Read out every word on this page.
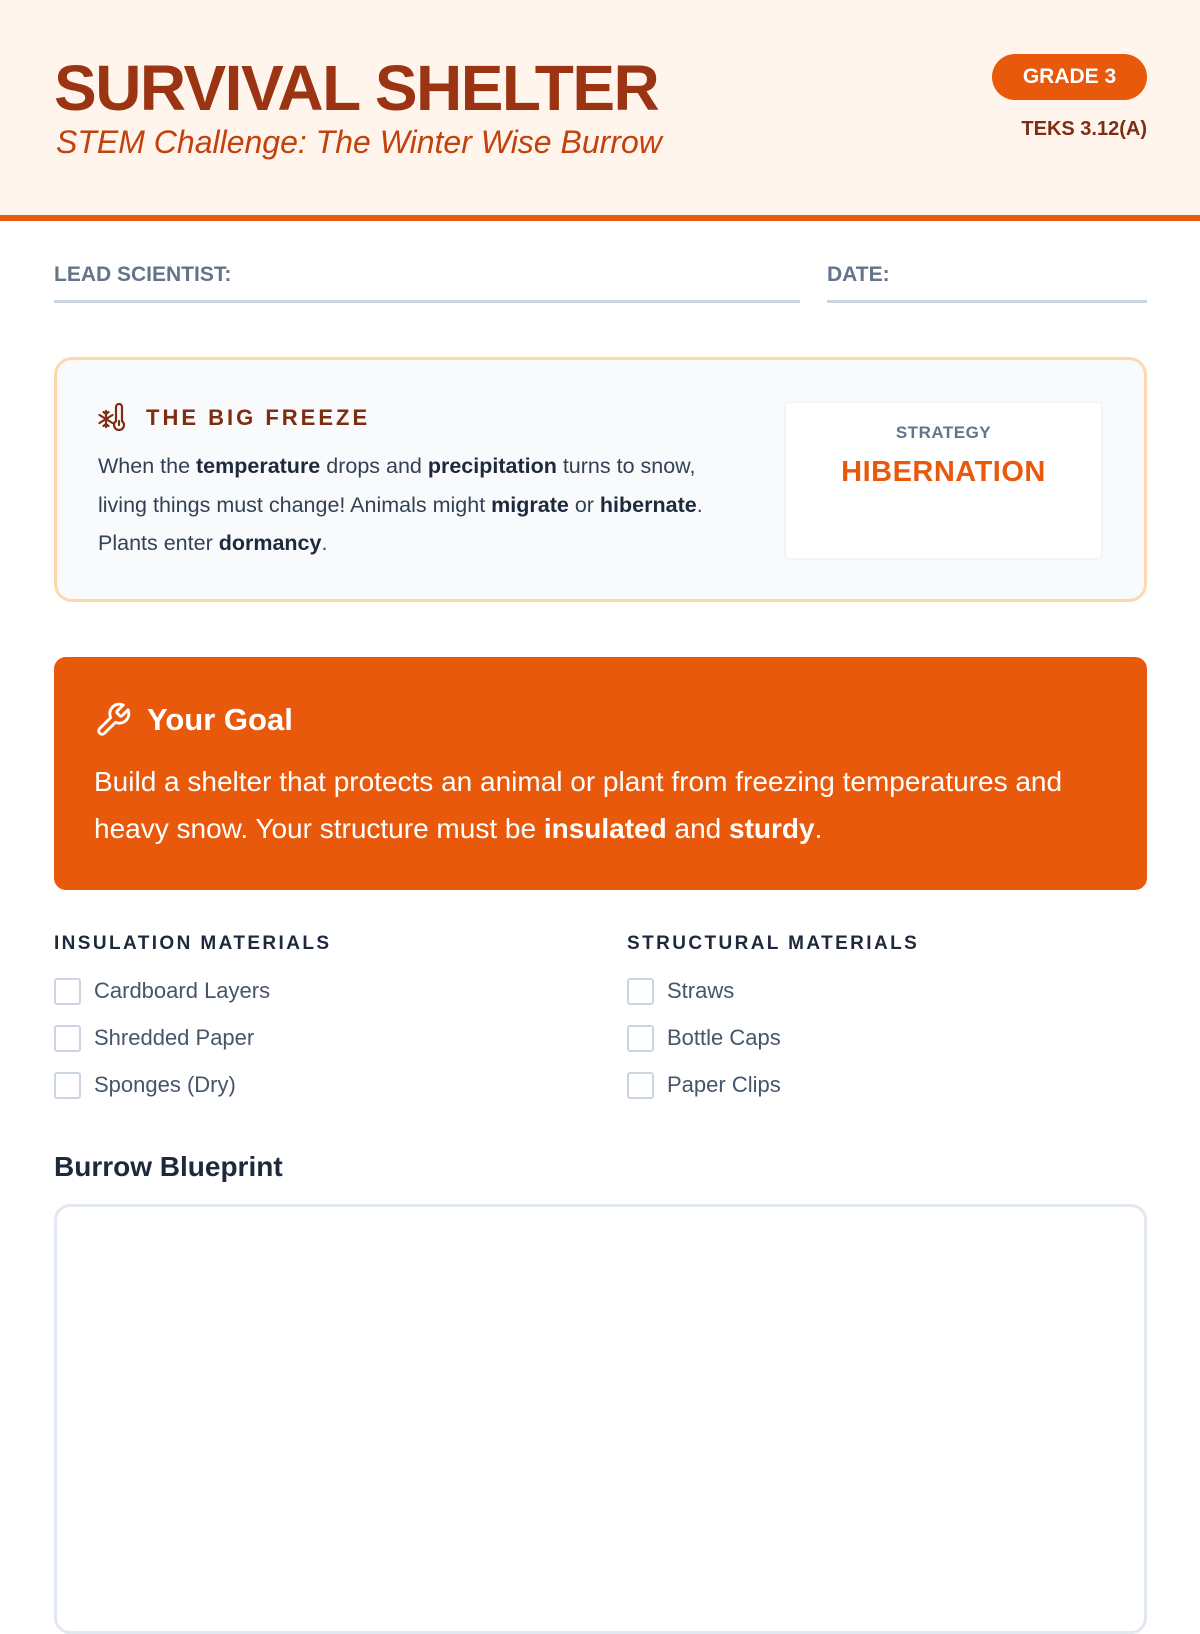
SURVIVAL SHELTER
STEM Challenge: The Winter Wise Burrow
GRADE 3
TEKS 3.12(A)
LEAD SCIENTIST:	DATE:
THE BIG FREEZE

When the temperature drops and precipitation turns to snow, living things must change! Animals might migrate or hibernate. Plants enter dormancy.

STRATEGY
HIBERNATION
Your Goal

Build a shelter that protects an animal or plant from freezing temperatures and heavy snow. Your structure must be insulated and sturdy.

INSULATION MATERIALS
Cardboard Layers
Shredded Paper
Sponges (Dry)
STRUCTURAL MATERIALS
Straws
Bottle Caps
Paper Clips
Burrow Blueprint
